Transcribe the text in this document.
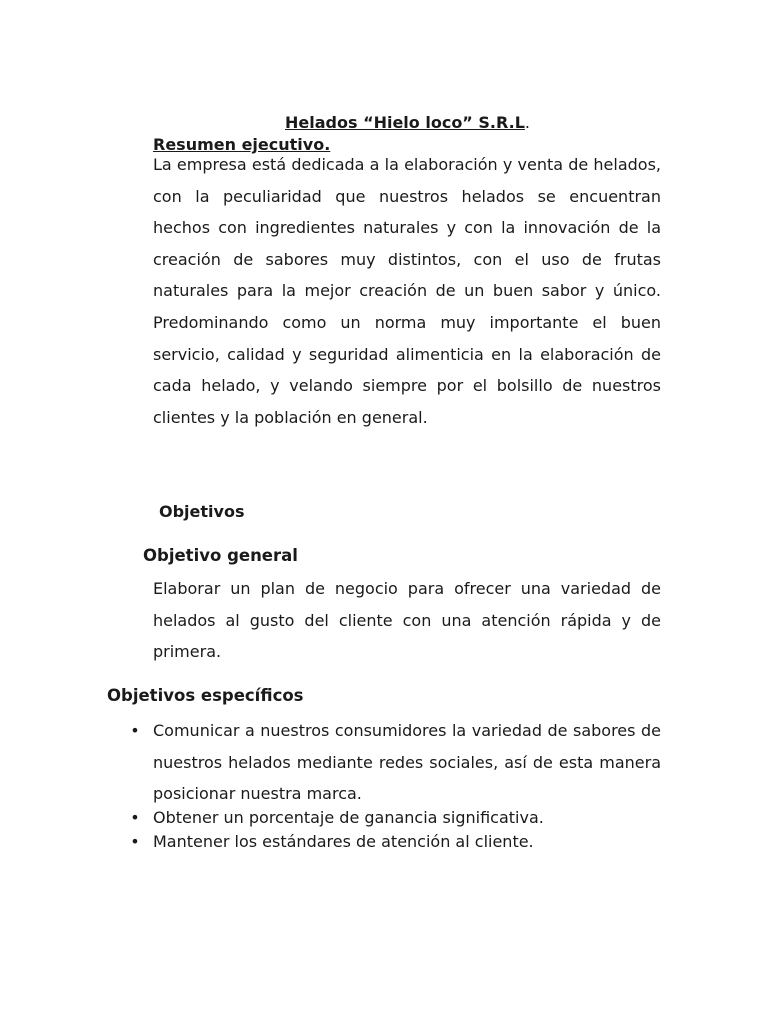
Helados “Hielo loco” S.R.L.
Resumen ejecutivo.
La empresa está dedicada a la elaboración y venta de helados, con la peculiaridad que nuestros helados se encuentran hechos con ingredientes naturales y con la innovación de la creación de sabores muy distintos, con el uso de frutas naturales para la mejor creación de un buen sabor y único. Predominando como un norma muy importante el buen servicio, calidad y seguridad alimenticia en la elaboración de cada helado, y velando siempre por el bolsillo de nuestros clientes y la población en general.
Objetivos
Objetivo general
Elaborar un plan de negocio para ofrecer una variedad de helados al gusto del cliente con una atención rápida y de primera.
Objetivos específicos
• Comunicar a nuestros consumidores la variedad de sabores de nuestros helados mediante redes sociales, así de esta manera posicionar nuestra marca.
• Obtener un porcentaje de ganancia significativa.
• Mantener los estándares de atención al cliente.
